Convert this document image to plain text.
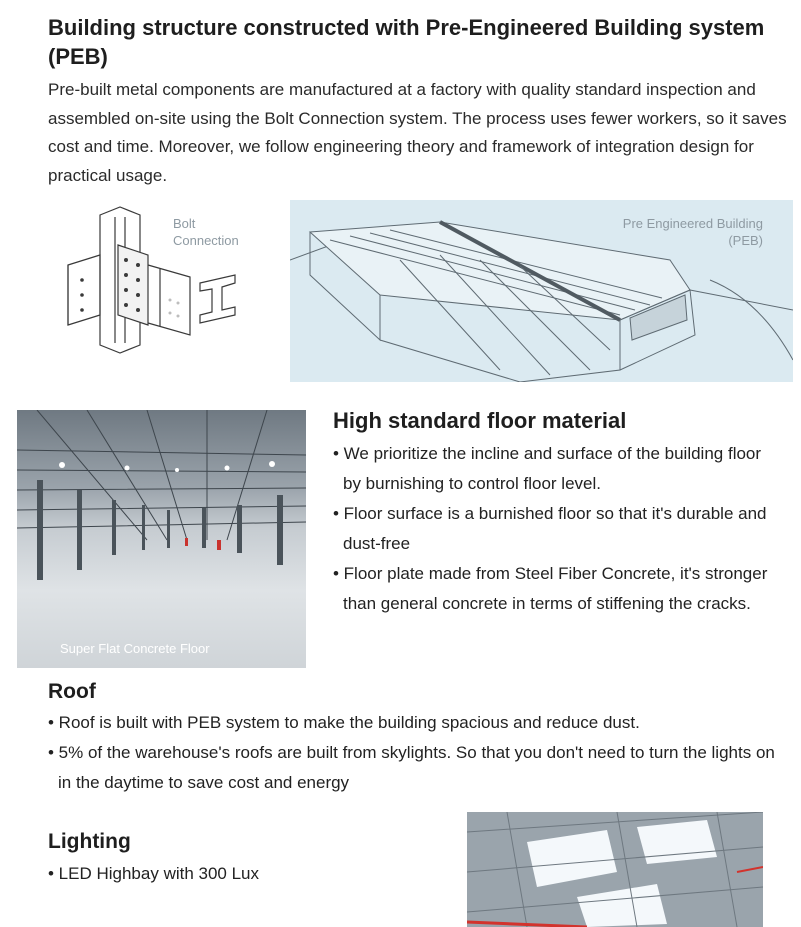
Building structure constructed with Pre-Engineered Building system (PEB)

Pre-built metal components are manufactured at a factory with quality standard inspection and assembled on-site using the Bolt Connection system. The process uses fewer workers, so it saves cost and time. Moreover, we follow engineering theory and framework of integration design for practical usage.

Bolt
Connection
Pre Engineered Building
(PEB)
Super Flat Concrete Floor
High standard floor material
• We prioritize the incline and surface of the building floor by burnishing to control floor level.
• Floor surface is a burnished floor so that it's durable and dust-free
• Floor plate made from Steel Fiber Concrete, it's stronger than general concrete in terms of stiffening the cracks.
Roof
• Roof is built with PEB system to make the building spacious and reduce dust.
• 5% of the warehouse's roofs are built from skylights. So that you don't need to turn the lights on in the daytime to save cost and energy
Lighting
• LED Highbay with 300 Lux
